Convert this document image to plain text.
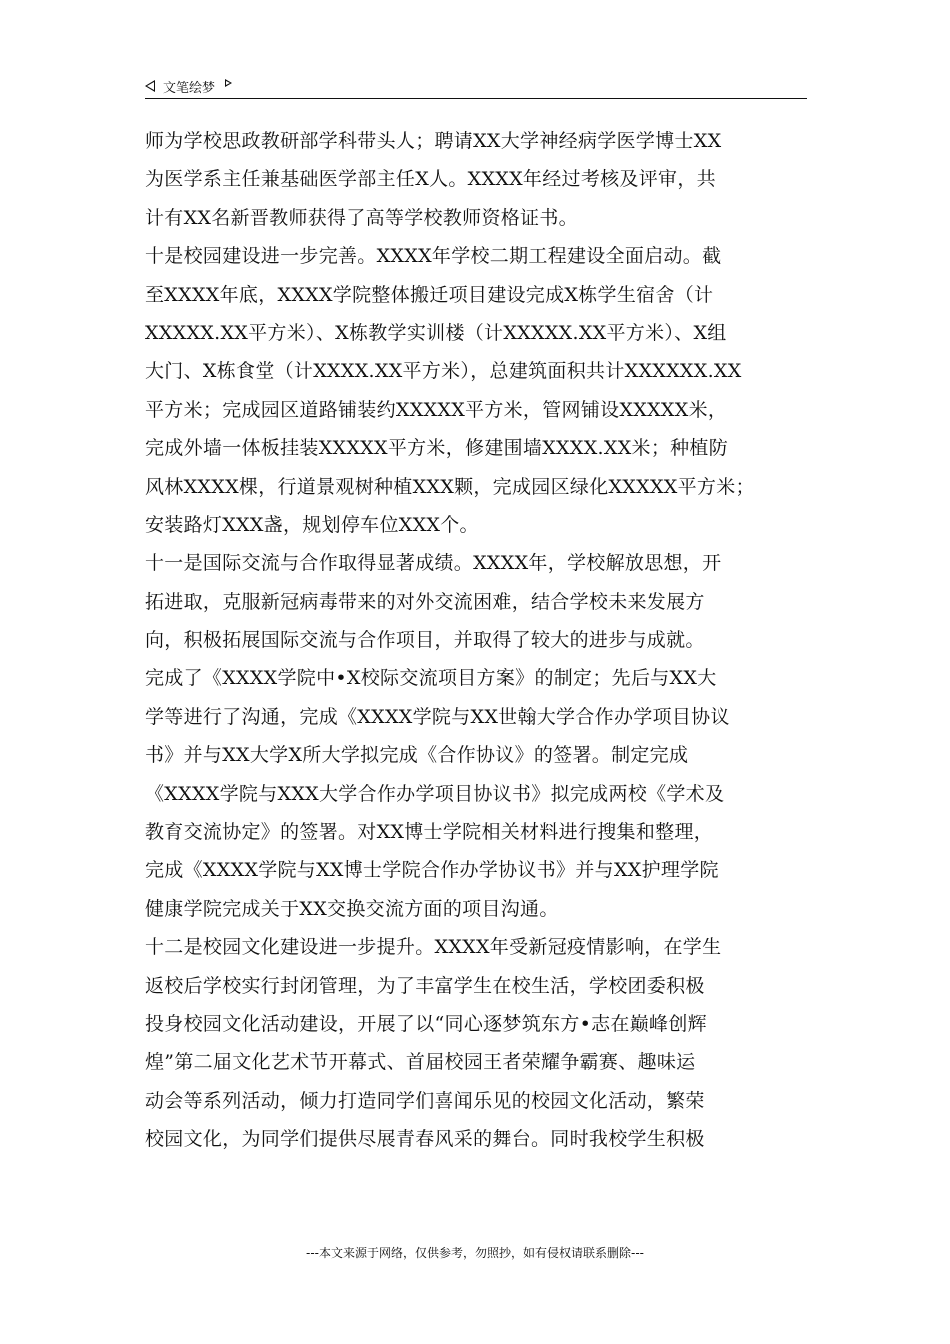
文笔绘梦
师为学校思政教研部学科带头人；聘请XX大学神经病学医学博士XX
为医学系主任兼基础医学部主任X人。XXXX年经过考核及评审，共
计有XX名新晋教师获得了高等学校教师资格证书。
十是校园建设进一步完善。XXXX年学校二期工程建设全面启动。截
至XXXX年底，XXXX学院整体搬迁项目建设完成X栋学生宿舍（计
XXXXX.XX平方米）、X栋教学实训楼（计XXXXX.XX平方米）、X组
大门、X栋食堂（计XXXX.XX平方米），总建筑面积共计XXXXXX.XX
平方米；完成园区道路铺装约XXXXX平方米，管网铺设XXXXX米，
完成外墙一体板挂装XXXXX平方米，修建围墙XXXX.XX米；种植防
风林XXXX棵，行道景观树种植XXX颗，完成园区绿化XXXXX平方米；
安装路灯XXX盏，规划停车位XXX个。
十一是国际交流与合作取得显著成绩。XXXX年，学校解放思想，开
拓进取，克服新冠病毒带来的对外交流困难，结合学校未来发展方
向，积极拓展国际交流与合作项目，并取得了较大的进步与成就。
完成了《XXXX学院中•X校际交流项目方案》的制定；先后与XX大
学等进行了沟通，完成《XXXX学院与XX世翰大学合作办学项目协议
书》并与XX大学X所大学拟完成《合作协议》的签署。制定完成
《XXXX学院与XXX大学合作办学项目协议书》拟完成两校《学术及
教育交流协定》的签署。对XX博士学院相关材料进行搜集和整理，
完成《XXXX学院与XX博士学院合作办学协议书》并与XX护理学院
健康学院完成关于XX交换交流方面的项目沟通。
十二是校园文化建设进一步提升。XXXX年受新冠疫情影响，在学生
返校后学校实行封闭管理，为了丰富学生在校生活，学校团委积极
投身校园文化活动建设，开展了以“同心逐梦筑东方•志在巅峰创辉
煌”第二届文化艺术节开幕式、首届校园王者荣耀争霸赛、趣味运
动会等系列活动，倾力打造同学们喜闻乐见的校园文化活动，繁荣
校园文化，为同学们提供尽展青春风采的舞台。同时我校学生积极
---本文来源于网络，仅供参考，勿照抄，如有侵权请联系删除---
